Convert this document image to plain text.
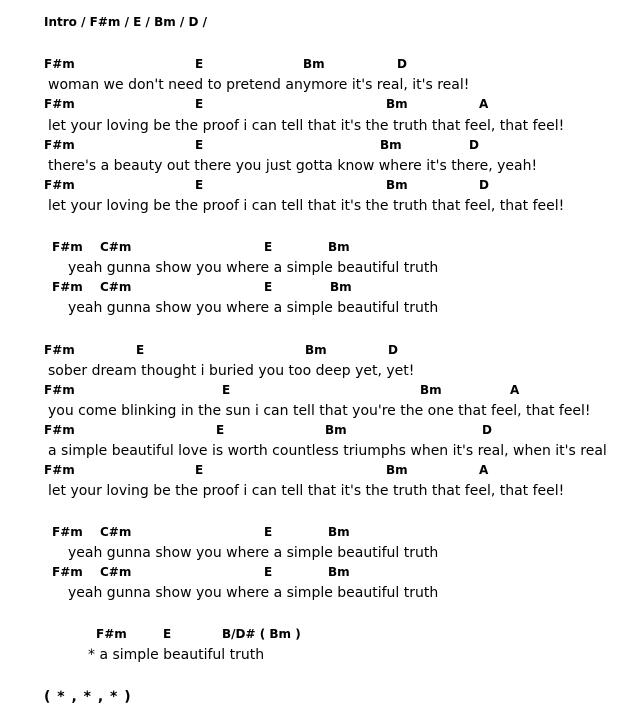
Intro / F#m / E / Bm / D /
F#m	E	Bm	D
woman we don't need to pretend anymore it's real, it's real!
F#m	E	Bm	A
let your loving be the proof i can tell that it's the truth that feel, that feel!
F#m	E	Bm	D
there's a beauty out there you just gotta know where it's there, yeah!
F#m	E	Bm	D
let your loving be the proof i can tell that it's the truth that feel, that feel!
F#m C#m	E	Bm
yeah gunna show you where a simple beautiful truth
F#m C#m	E	Bm
yeah gunna show you where a simple beautiful truth
F#m	E	Bm	D
sober dream thought i buried you too deep yet, yet!
F#m	E	Bm	A
you come blinking in the sun i can tell that you're the one that feel, that feel!
F#m	E	Bm	D
a simple beautiful love is worth countless triumphs when it's real, when it's real
F#m	E	Bm	A
let your loving be the proof i can tell that it's the truth that feel, that feel!
F#m C#m	E	Bm
yeah gunna show you where a simple beautiful truth
F#m C#m	E	Bm
yeah gunna show you where a simple beautiful truth
F#m	E	B/D# ( Bm )
* a simple beautiful truth
( * , * , * )
